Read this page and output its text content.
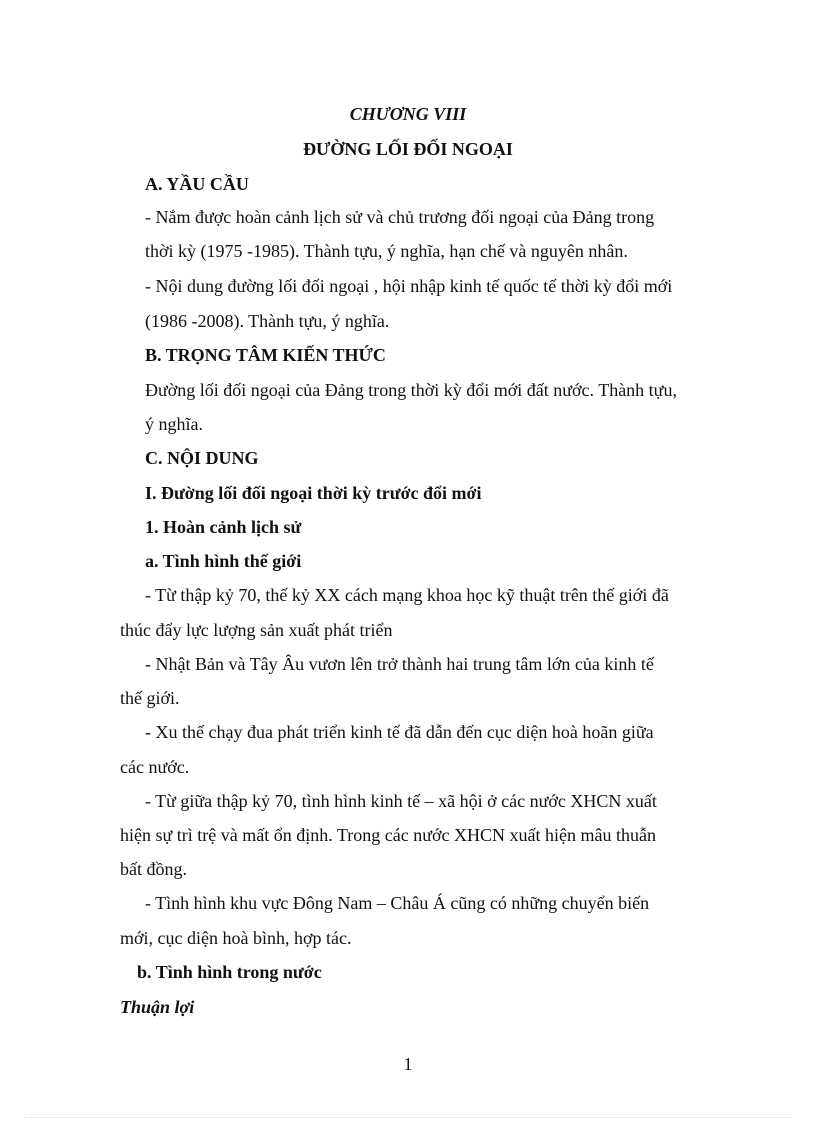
CHƯƠNG VIII
ĐƯỜNG LỐI ĐỐI NGOẠI
A. YẦU CẦU
- Nắm được hoàn cảnh lịch sử và chủ trương đối ngoại của Đảng trong
thời kỳ (1975 -1985). Thành tựu, ý nghĩa, hạn chế và nguyên nhân.
- Nội dung đường lối đối ngoại , hội nhập kinh tế quốc tế thời kỳ đổi mới
(1986 -2008). Thành tựu, ý nghĩa.
B. TRỌNG TÂM KIẾN THỨC
Đường lối đối ngoại của Đảng trong thời kỳ đổi mới đất nước. Thành tựu,
ý nghĩa.
C. NỘI DUNG
I. Đường lối đối ngoại thời kỳ trước đổi mới
1. Hoàn cảnh lịch sử
a. Tình hình thế giới
- Từ thập kỷ 70, thế kỷ XX cách mạng khoa học kỹ thuật trên thế giới đã
thúc đẩy lực lượng sản xuất phát triển
- Nhật Bản và Tây Âu vươn lên trở thành hai trung tâm lớn của kinh tế
thế giới.
- Xu thế chạy đua phát triển kinh tế đã dẫn đến cục diện hoà hoãn giữa
các nước.
- Từ giữa thập kỷ 70, tình hình kinh tế – xã hội ở các nước XHCN xuất
hiện sự trì trệ và mất ổn định. Trong các nước XHCN xuất hiện mâu thuẫn
bất đồng.
- Tình hình khu vực Đông Nam – Châu Á cũng có những chuyển biến
mới, cục diện hoà bình, hợp tác.
b. Tình hình trong nước
Thuận lợi
1
